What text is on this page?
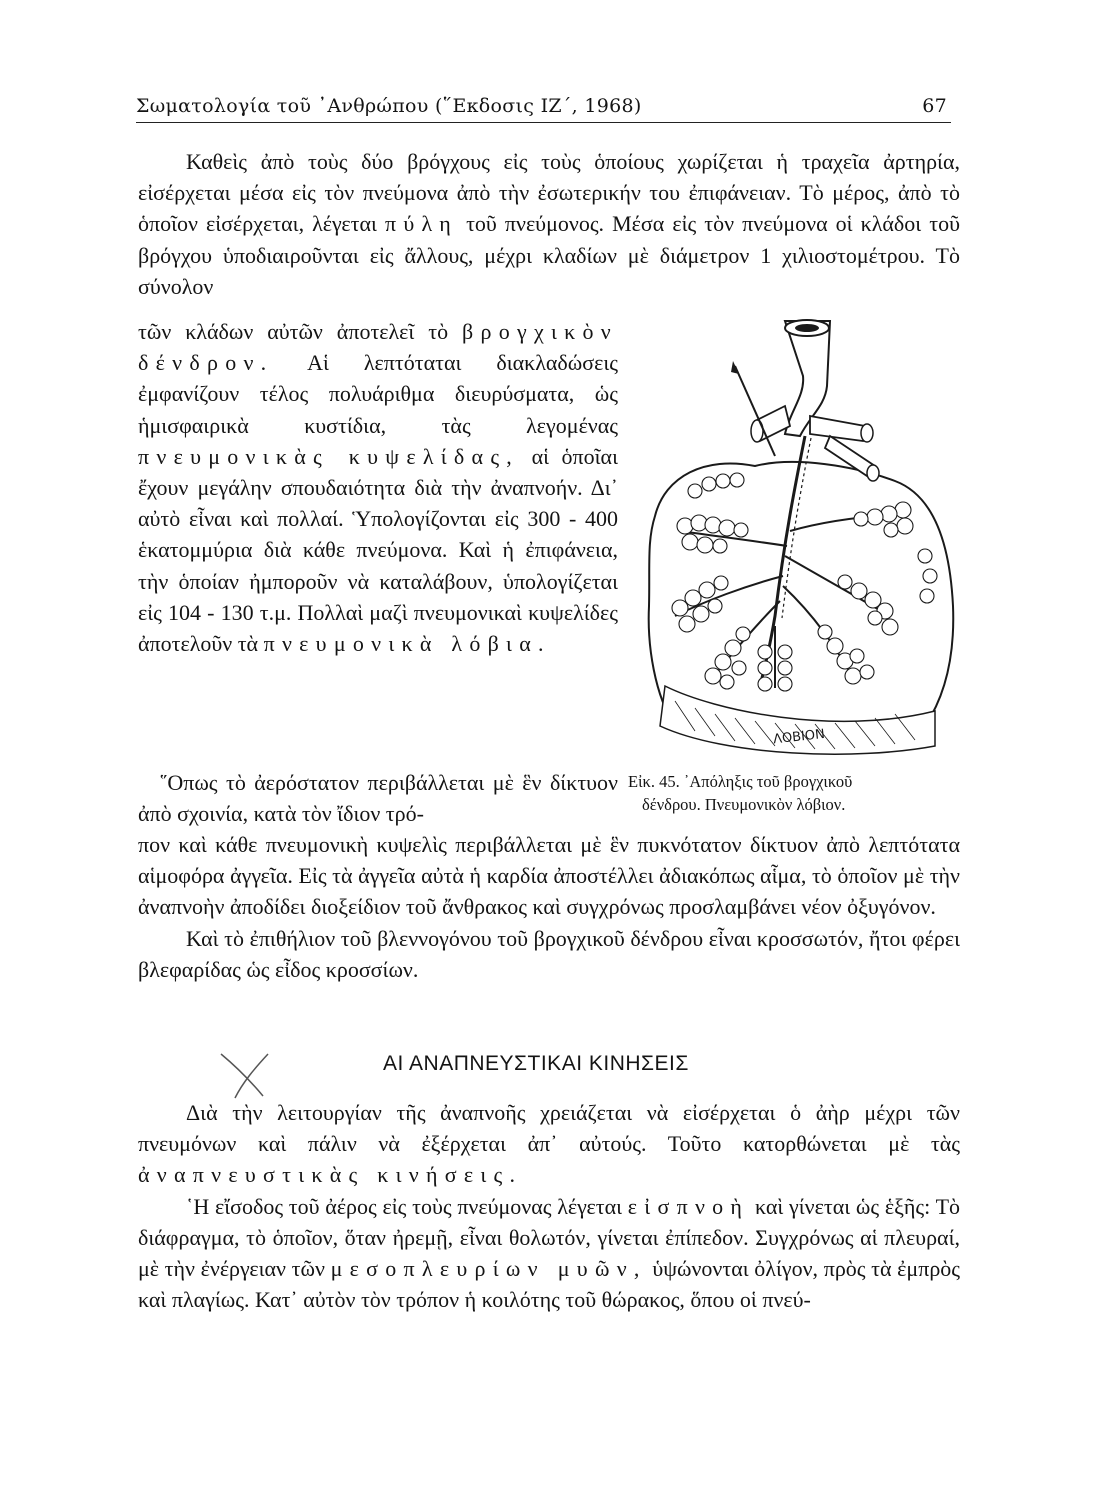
Σωματολογία τοῦ ᾽Ανθρώπου (῞Εκδοσις ΙΖ΄, 1968)	67

Καθεὶς ἀπὸ τοὺς δύο βρόγχους εἰς τοὺς ὁποίους χωρίζεται ἡ τραχεῖα ἀρτηρία, εἰσέρχεται μέσα εἰς τὸν πνεύμονα ἀπὸ τὴν ἐσωτερικήν του ἐπιφάνειαν. Τὸ μέρος, ἀπὸ τὸ ὁποῖον εἰσέρχεται, λέγεται πύλη τοῦ πνεύμονος. Μέσα εἰς τὸν πνεύμονα οἱ κλάδοι τοῦ βρόγχου ὑποδιαιροῦνται εἰς ἄλλους, μέχρι κλαδίων μὲ διάμετρον 1 χιλιοστομέτρου. Τὸ σύνολον

τῶν κλάδων αὐτῶν ἀποτελεῖ τὸ βρογχικὸν δένδρον. Αἱ λεπτόταται διακλαδώσεις ἐμφανίζουν τέλος πολυάριθμα διευρύσματα, ὡς ἡμισφαιρικὰ κυστίδια, τὰς λεγομένας πνευμονικὰς κυψελίδας, αἱ ὁποῖαι ἔχουν μεγάλην σπουδαιότητα διὰ τὴν ἀναπνοήν. Δι᾽ αὐτὸ εἶναι καὶ πολλαί. Ὑπολογίζονται εἰς 300 - 400 ἑκατομμύρια διὰ κάθε πνεύμονα. Καὶ ἡ ἐπιφάνεια, τὴν ὁποίαν ἠμποροῦν νὰ καταλάβουν, ὑπολογίζεται εἰς 104 - 130 τ.μ. Πολλαὶ μαζὶ πνευμονικαὶ κυψελίδες ἀποτελοῦν τὰ πνευμονικὰ λόβια.

ΛΟΒΙΟΝ
Εἰκ. 45. ᾽Απόληξις τοῦ βρογχικοῦ
δένδρου. Πνευμονικὸν λόβιον.

῞Οπως τὸ ἀερόστατον περιβάλλεται μὲ ἓν δίκτυον ἀπὸ σχοινία, κατὰ τὸν ἴδιον τρό-

πον καὶ κάθε πνευμονικὴ κυψελὶς περιβάλλεται μὲ ἓν πυκνότατον δίκτυον ἀπὸ λεπτότατα αἱμοφόρα ἀγγεῖα. Εἰς τὰ ἀγγεῖα αὐτὰ ἡ καρδία ἀποστέλλει ἀδιακόπως αἷμα, τὸ ὁποῖον μὲ τὴν ἀναπνοὴν ἀποδίδει διοξείδιον τοῦ ἄνθρακος καὶ συγχρόνως προσλαμβάνει νέον ὀξυγόνον.

Καὶ τὸ ἐπιθήλιον τοῦ βλεννογόνου τοῦ βρογχικοῦ δένδρου εἶναι κροσσωτόν, ἤτοι φέρει βλεφαρίδας ὡς εἶδος κροσσίων.

ΑΙ ΑΝΑΠΝΕΥΣΤΙΚΑΙ ΚΙΝΗΣΕΙΣ

Διὰ τὴν λειτουργίαν τῆς ἀναπνοῆς χρειάζεται νὰ εἰσέρχεται ὁ ἀὴρ μέχρι τῶν πνευμόνων καὶ πάλιν νὰ ἐξέρχεται ἀπ᾽ αὐτούς. Τοῦτο κατορθώνεται μὲ τὰς ἀναπνευστικὰς κινήσεις.

῾Η εἴσοδος τοῦ ἀέρος εἰς τοὺς πνεύμονας λέγεται εἰσπνοὴ καὶ γίνεται ὡς ἑξῆς: Τὸ διάφραγμα, τὸ ὁποῖον, ὅταν ἠρεμῇ, εἶναι θολωτόν, γίνεται ἐπίπεδον. Συγχρόνως αἱ πλευραί, μὲ τὴν ἐνέργειαν τῶν μεσοπλευρίων μυῶν, ὑψώνονται ὀλίγον, πρὸς τὰ ἐμπρὸς καὶ πλαγίως. Κατ᾽ αὐτὸν τὸν τρόπον ἡ κοιλότης τοῦ θώρακος, ὅπου οἱ πνεύ-
